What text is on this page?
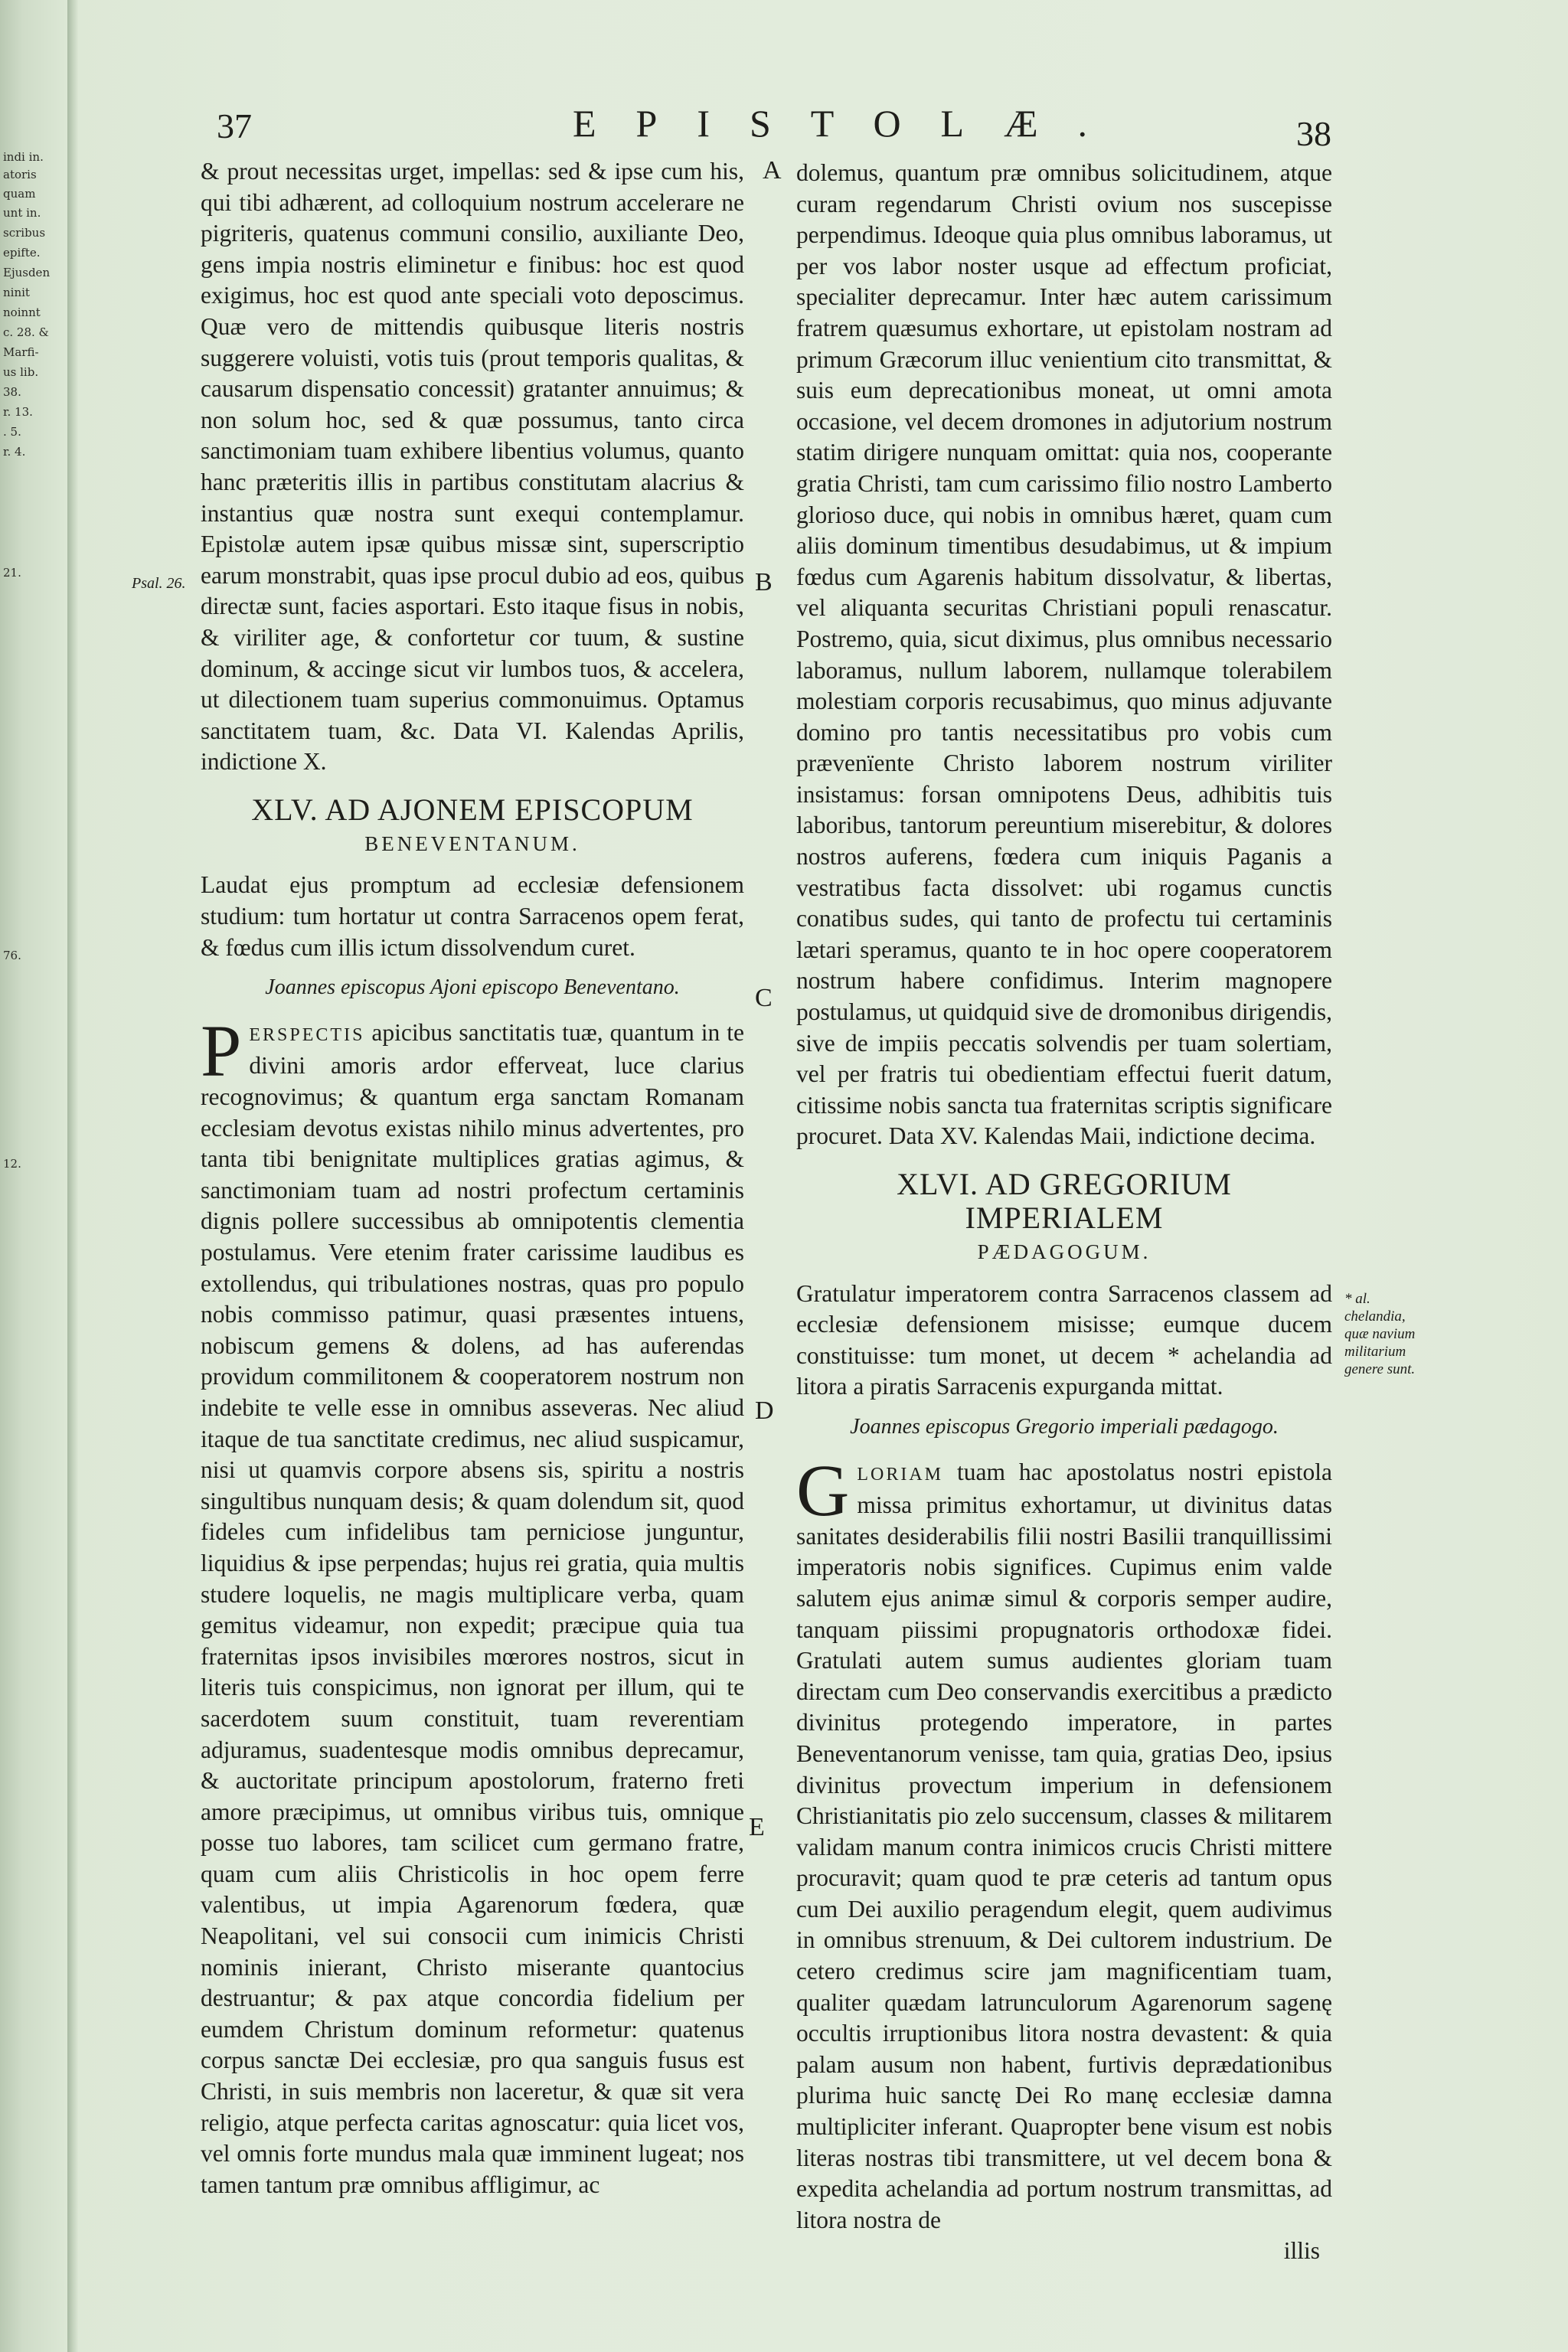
indi in.
atoris
quam
unt in.
scribus
epifte.
Ejusden
ninit
noinnt
c. 28. &
Marfi-
us lib.
38.
r. 13.
. 5.
r. 4.
21.
76.
12.
37	EPISTOLÆ.	38
A
B
C
D
E
Psal. 26.
* al. chelandia, quæ navium militarium genere sunt.

& prout necessitas urget, impellas: sed & ipse cum his, qui tibi adhærent, ad colloquium nostrum accelerare ne pigriteris, quatenus communi consilio, auxiliante Deo, gens impia nostris eliminetur e finibus: hoc est quod exigimus, hoc est quod ante speciali voto deposcimus. Quæ vero de mittendis quibusque literis nostris suggerere voluisti, votis tuis (prout temporis qualitas, & causarum dispensatio concessit) gratanter annuimus; & non solum hoc, sed & quæ possumus, tanto circa sanctimoniam tuam exhibere libentius volumus, quanto hanc præteritis illis in partibus constitutam alacrius & instantius quæ nostra sunt exequi contemplamur. Epistolæ autem ipsæ quibus missæ sint, superscriptio earum monstrabit, quas ipse procul dubio ad eos, quibus directæ sunt, facies asportari. Esto itaque fisus in nobis, & viriliter age, & confortetur cor tuum, & sustine dominum, & accinge sicut vir lumbos tuos, & accelera, ut dilectionem tuam superius commonuimus. Optamus sanctitatem tuam, &c. Data VI. Kalendas Aprilis, indictione X.

XLV. AD AJONEM EPISCOPUM
BENEVENTANUM.

Laudat ejus promptum ad ecclesiæ defensionem studium: tum hortatur ut contra Sarracenos opem ferat, & fœdus cum illis ictum dissolvendum curet.

Joannes episcopus Ajoni episcopo Beneventano.

PERSPECTIS apicibus sanctitatis tuæ, quantum in te divini amoris ardor efferveat, luce clarius recognovimus; & quantum erga sanctam Romanam ecclesiam devotus existas nihilo minus advertentes, pro tanta tibi benignitate multiplices gratias agimus, & sanctimoniam tuam ad nostri profectum certaminis dignis pollere successibus ab omnipotentis clementia postulamus. Vere etenim frater carissime laudibus es extollendus, qui tribulationes nostras, quas pro populo nobis commisso patimur, quasi præsentes intuens, nobiscum gemens & dolens, ad has auferendas providum commilitonem & cooperatorem nostrum non indebite te velle esse in omnibus asseveras. Nec aliud itaque de tua sanctitate credimus, nec aliud suspicamur, nisi ut quamvis corpore absens sis, spiritu a nostris singultibus nunquam desis; & quam dolendum sit, quod fideles cum infidelibus tam perniciose junguntur, liquidius & ipse perpendas; hujus rei gratia, quia multis studere loquelis, ne magis multiplicare verba, quam gemitus videamur, non expedit; præcipue quia tua fraternitas ipsos invisibiles mœrores nostros, sicut in literis tuis conspicimus, non ignorat per illum, qui te sacerdotem suum constituit, tuam reverentiam adjuramus, suadentesque modis omnibus deprecamur, & auctoritate principum apostolorum, fraterno freti amore præcipimus, ut omnibus viribus tuis, omnique posse tuo labores, tam scilicet cum germano fratre, quam cum aliis Christicolis in hoc opem ferre valentibus, ut impia Agarenorum fœdera, quæ Neapolitani, vel sui consocii cum inimicis Christi nominis inierant, Christo miserante quantocius destruantur; & pax atque concordia fidelium per eumdem Christum dominum reformetur: quatenus corpus sanctæ Dei ecclesiæ, pro qua sanguis fusus est Christi, in suis membris non laceretur, & quæ sit vera religio, atque perfecta caritas agnoscatur: quia licet vos, vel omnis forte mundus mala quæ imminent lugeat; nos tamen tantum præ omnibus affligimur, ac

dolemus, quantum præ omnibus solicitudinem, atque curam regendarum Christi ovium nos suscepisse perpendimus. Ideoque quia plus omnibus laboramus, ut per vos labor noster usque ad effectum proficiat, specialiter deprecamur. Inter hæc autem carissimum fratrem quæsumus exhortare, ut epistolam nostram ad primum Græcorum illuc venientium cito transmittat, & suis eum deprecationibus moneat, ut omni amota occasione, vel decem dromones in adjutorium nostrum statim dirigere nunquam omittat: quia nos, cooperante gratia Christi, tam cum carissimo filio nostro Lamberto glorioso duce, qui nobis in omnibus hæret, quam cum aliis dominum timentibus desudabimus, ut & impium fœdus cum Agarenis habitum dissolvatur, & libertas, vel aliquanta securitas Christiani populi renascatur. Postremo, quia, sicut diximus, plus omnibus necessario laboramus, nullum laborem, nullamque tolerabilem molestiam corporis recusabimus, quo minus adjuvante domino pro tantis necessitatibus pro vobis cum prævenïente Christo laborem nostrum viriliter insistamus: forsan omnipotens Deus, adhibitis tuis laboribus, tantorum pereuntium miserebitur, & dolores nostros auferens, fœdera cum iniquis Paganis a vestratibus facta dissolvet: ubi rogamus cunctis conatibus sudes, qui tanto de profectu tui certaminis lætari speramus, quanto te in hoc opere cooperatorem nostrum habere confidimus. Interim magnopere postulamus, ut quidquid sive de dromonibus dirigendis, sive de impiis peccatis solvendis per tuam solertiam, vel per fratris tui obedientiam effectui fuerit datum, citissime nobis sancta tua fraternitas scriptis significare procuret. Data XV. Kalendas Maii, indictione decima.

XLVI. AD GREGORIUM IMPERIALEM
PÆDAGOGUM.

Gratulatur imperatorem contra Sarracenos classem ad ecclesiæ defensionem misisse; eumque ducem constituisse: tum monet, ut decem * achelandia ad litora a piratis Sarracenis expurganda mittat.

Joannes episcopus Gregorio imperiali pædagogo.

GLORIAM tuam hac apostolatus nostri epistola missa primitus exhortamur, ut divinitus datas sanitates desiderabilis filii nostri Basilii tranquillissimi imperatoris nobis significes. Cupimus enim valde salutem ejus animæ simul & corporis semper audire, tanquam piissimi propugnatoris orthodoxæ fidei. Gratulati autem sumus audientes gloriam tuam directam cum Deo conservandis exercitibus a prædicto divinitus protegendo imperatore, in partes Beneventanorum venisse, tam quia, gratias Deo, ipsius divinitus provectum imperium in defensionem Christianitatis pio zelo succensum, classes & militarem validam manum contra inimicos crucis Christi mittere procuravit; quam quod te præ ceteris ad tantum opus cum Dei auxilio peragendum elegit, quem audivimus in omnibus strenuum, & Dei cultorem industrium. De cetero credimus scire jam magnificentiam tuam, qualiter quædam latrunculorum Agarenorum sagenę occultis irruptionibus litora nostra devastent: & quia palam ausum non habent, furtivis deprædationibus plurima huic sanctę Dei Ro manę ecclesiæ damna multipliciter inferant. Quapropter bene visum est nobis literas nostras tibi transmittere, ut vel decem bona & expedita achelandia ad portum nostrum transmittas, ad litora nostra de

illis
